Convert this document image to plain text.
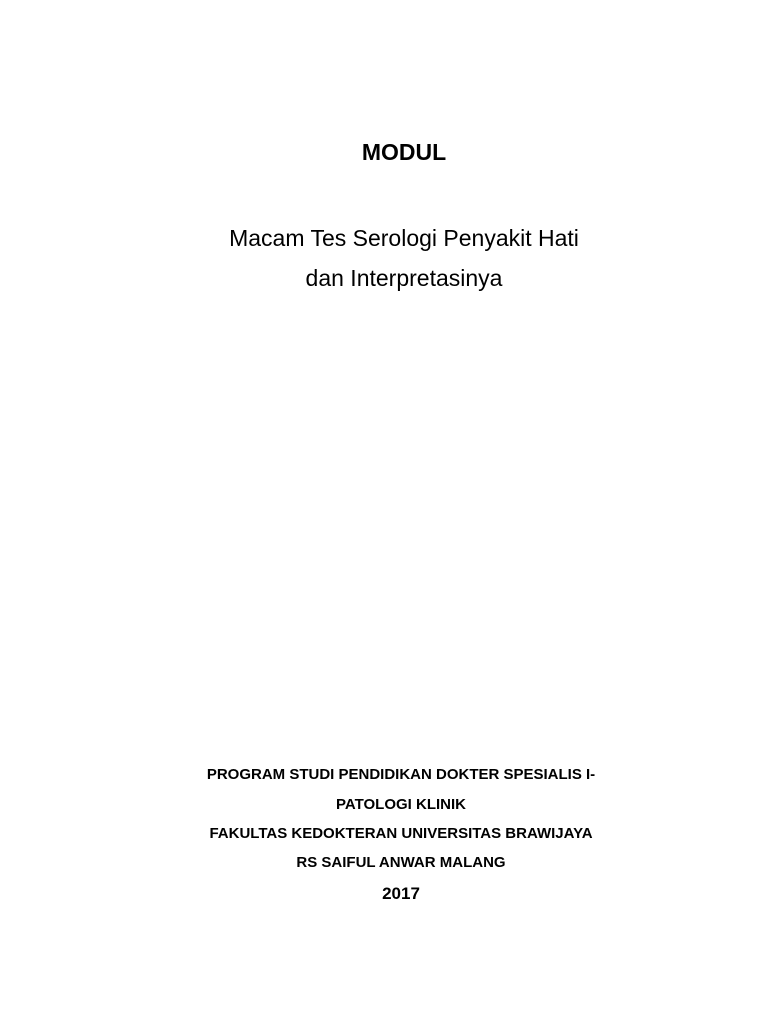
MODUL
Macam Tes Serologi Penyakit Hati
dan Interpretasinya
PROGRAM STUDI PENDIDIKAN DOKTER SPESIALIS I-
PATOLOGI KLINIK
FAKULTAS KEDOKTERAN UNIVERSITAS BRAWIJAYA
RS SAIFUL ANWAR MALANG
2017
